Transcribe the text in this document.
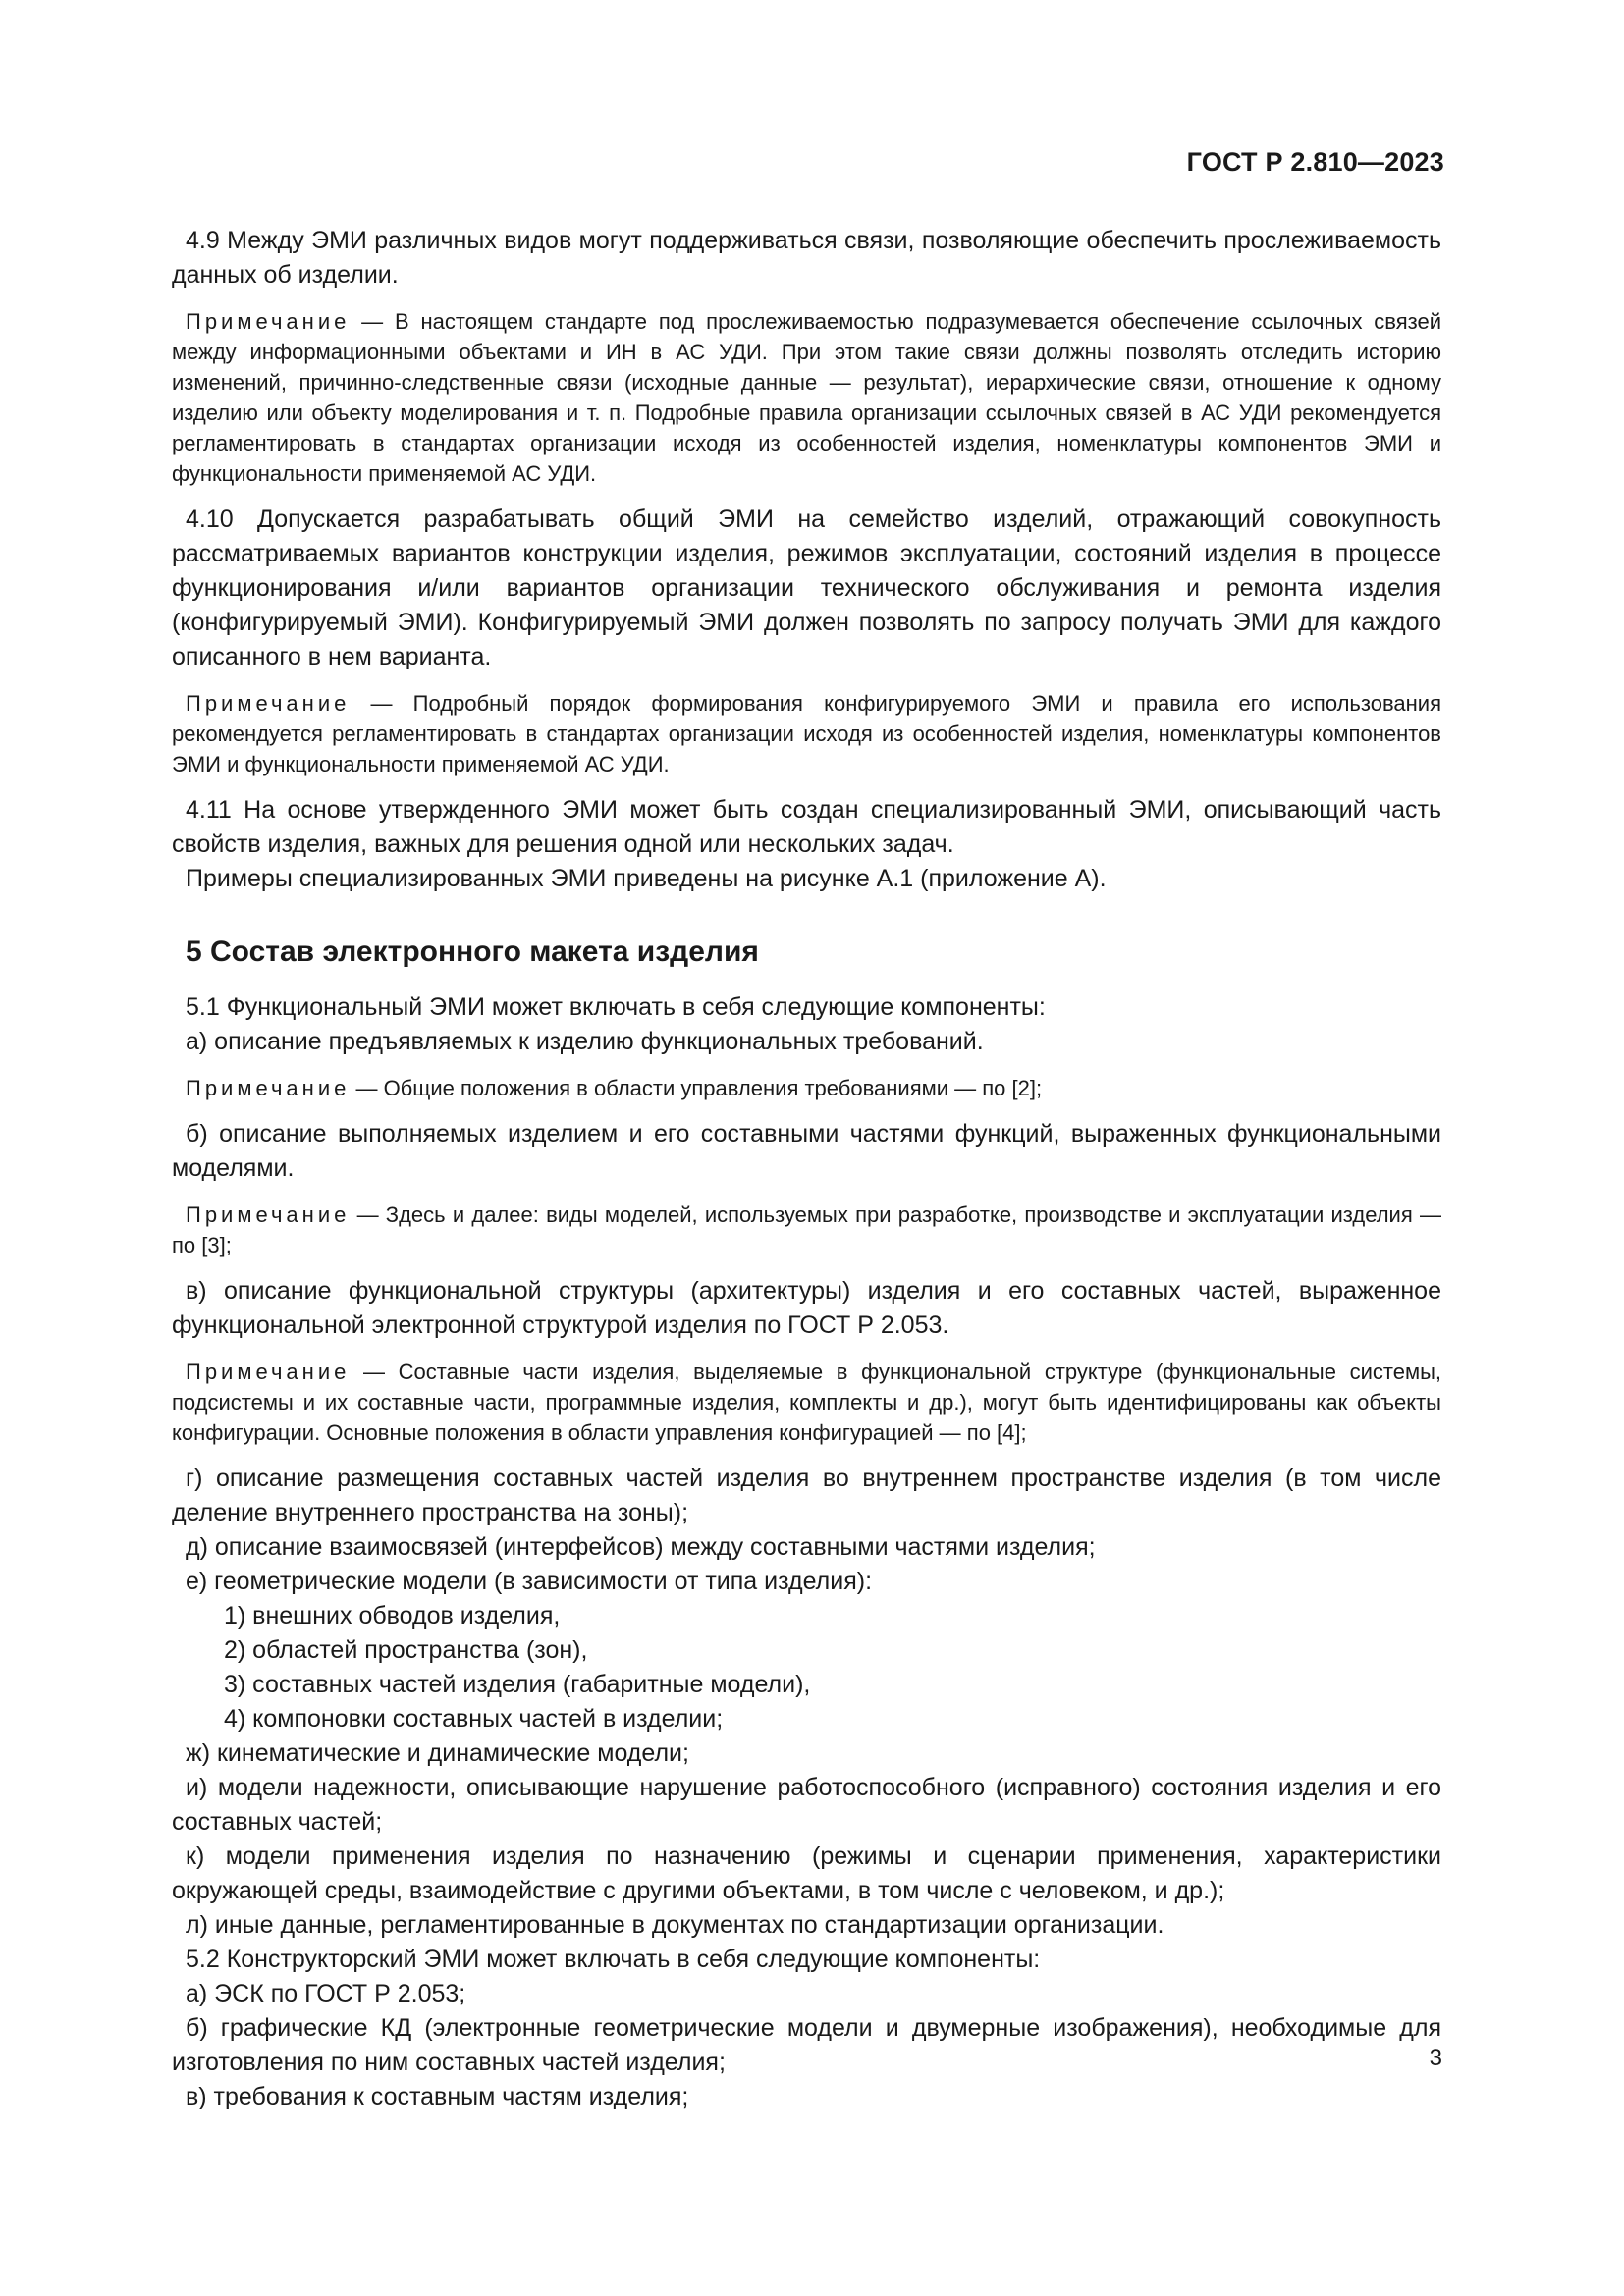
ГОСТ Р 2.810—2023

4.9 Между ЭМИ различных видов могут поддерживаться связи, позволяющие обеспечить прослеживаемость данных об изделии.

Примечание — В настоящем стандарте под прослеживаемостью подразумевается обеспечение ссылочных связей между информационными объектами и ИН в АС УДИ. При этом такие связи должны позволять отследить историю изменений, причинно-следственные связи (исходные данные — результат), иерархические связи, отношение к одному изделию или объекту моделирования и т. п. Подробные правила организации ссылочных связей в АС УДИ рекомендуется регламентировать в стандартах организации исходя из особенностей изделия, номенклатуры компонентов ЭМИ и функциональности применяемой АС УДИ.

4.10 Допускается разрабатывать общий ЭМИ на семейство изделий, отражающий совокупность рассматриваемых вариантов конструкции изделия, режимов эксплуатации, состояний изделия в процессе функционирования и/или вариантов организации технического обслуживания и ремонта изделия (конфигурируемый ЭМИ). Конфигурируемый ЭМИ должен позволять по запросу получать ЭМИ для каждого описанного в нем варианта.

Примечание — Подробный порядок формирования конфигурируемого ЭМИ и правила его использования рекомендуется регламентировать в стандартах организации исходя из особенностей изделия, номенклатуры компонентов ЭМИ и функциональности применяемой АС УДИ.

4.11 На основе утвержденного ЭМИ может быть создан специализированный ЭМИ, описывающий часть свойств изделия, важных для решения одной или нескольких задач.

Примеры специализированных ЭМИ приведены на рисунке А.1 (приложение А).

5 Состав электронного макета изделия

5.1 Функциональный ЭМИ может включать в себя следующие компоненты:

а) описание предъявляемых к изделию функциональных требований.

Примечание — Общие положения в области управления требованиями — по [2];

б) описание выполняемых изделием и его составными частями функций, выраженных функциональными моделями.

Примечание — Здесь и далее: виды моделей, используемых при разработке, производстве и эксплуатации изделия — по [3];

в) описание функциональной структуры (архитектуры) изделия и его составных частей, выраженное функциональной электронной структурой изделия по ГОСТ Р 2.053.

Примечание — Составные части изделия, выделяемые в функциональной структуре (функциональные системы, подсистемы и их составные части, программные изделия, комплекты и др.), могут быть идентифицированы как объекты конфигурации. Основные положения в области управления конфигурацией — по [4];

г) описание размещения составных частей изделия во внутреннем пространстве изделия (в том числе деление внутреннего пространства на зоны);

д) описание взаимосвязей (интерфейсов) между составными частями изделия;

е) геометрические модели (в зависимости от типа изделия):

1) внешних обводов изделия,

2) областей пространства (зон),

3) составных частей изделия (габаритные модели),

4) компоновки составных частей в изделии;

ж) кинематические и динамические модели;

и) модели надежности, описывающие нарушение работоспособного (исправного) состояния изделия и его составных частей;

к) модели применения изделия по назначению (режимы и сценарии применения, характеристики окружающей среды, взаимодействие с другими объектами, в том числе с человеком, и др.);

л) иные данные, регламентированные в документах по стандартизации организации.

5.2 Конструкторский ЭМИ может включать в себя следующие компоненты:

а) ЭСК по ГОСТ Р 2.053;

б) графические КД (электронные геометрические модели и двумерные изображения), необходимые для изготовления по ним составных частей изделия;

в) требования к составным частям изделия;

3
